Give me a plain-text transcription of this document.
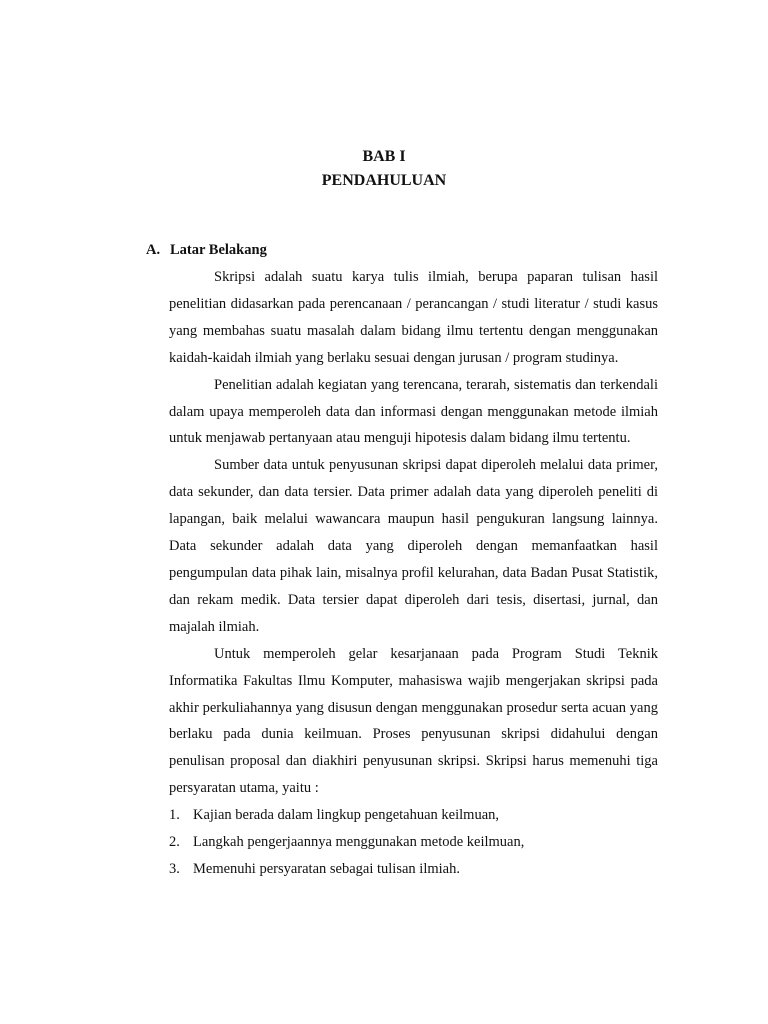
BAB I
PENDAHULUAN
A. Latar Belakang

Skripsi adalah suatu karya tulis ilmiah, berupa paparan tulisan hasil penelitian didasarkan pada perencanaan / perancangan / studi literatur / studi kasus yang membahas suatu masalah dalam bidang ilmu tertentu dengan menggunakan kaidah-kaidah ilmiah yang berlaku sesuai dengan jurusan / program studinya.

Penelitian adalah kegiatan yang terencana, terarah, sistematis dan terkendali dalam upaya memperoleh data dan informasi dengan menggunakan metode ilmiah untuk menjawab pertanyaan atau menguji hipotesis dalam bidang ilmu tertentu.

Sumber data untuk penyusunan skripsi dapat diperoleh melalui data primer, data sekunder, dan data tersier. Data primer adalah data yang diperoleh peneliti di lapangan, baik melalui wawancara maupun hasil pengukuran langsung lainnya. Data sekunder adalah data yang diperoleh dengan memanfaatkan hasil pengumpulan data pihak lain, misalnya profil kelurahan, data Badan Pusat Statistik, dan rekam medik. Data tersier dapat diperoleh dari tesis, disertasi, jurnal, dan majalah ilmiah.

Untuk memperoleh gelar kesarjanaan pada Program Studi Teknik Informatika Fakultas Ilmu Komputer, mahasiswa wajib mengerjakan skripsi pada akhir perkuliahannya yang disusun dengan menggunakan prosedur serta acuan yang berlaku pada dunia keilmuan. Proses penyusunan skripsi didahului dengan penulisan proposal dan diakhiri penyusunan skripsi. Skripsi harus memenuhi tiga persyaratan utama, yaitu :

1. Kajian berada dalam lingkup pengetahuan keilmuan,
2. Langkah pengerjaannya menggunakan metode keilmuan,
3. Memenuhi persyaratan sebagai tulisan ilmiah.
